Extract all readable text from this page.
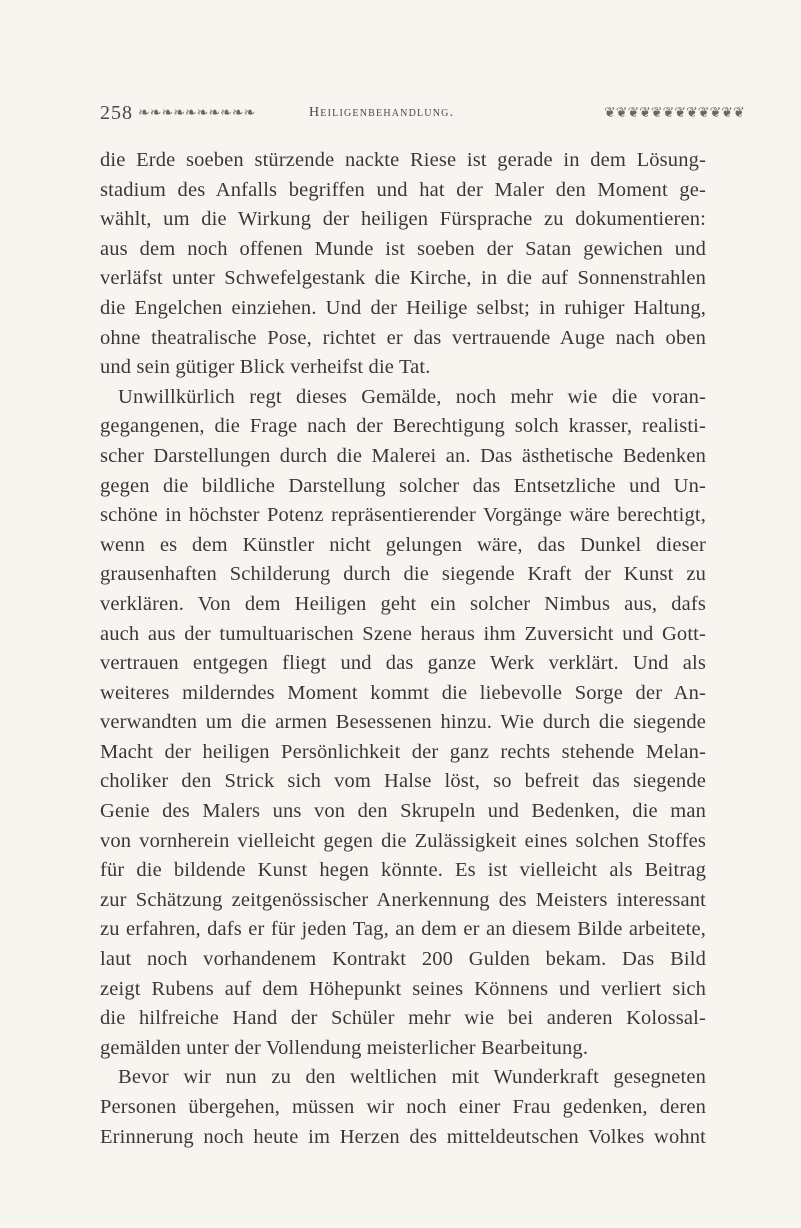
258 ❧❧❧❧❧❧❧❧❧❧	Heiligenbehandlung.	❦❦❦❦❦❦❦❦❦❦❦❦
die Erde soeben stürzende nackte Riese ist gerade in dem Lösung-
stadium des Anfalls begriffen und hat der Maler den Moment ge-
wählt, um die Wirkung der heiligen Fürsprache zu dokumentieren:
aus dem noch offenen Munde ist soeben der Satan gewichen und
verläfst unter Schwefelgestank die Kirche, in die auf Sonnenstrahlen
die Engelchen einziehen. Und der Heilige selbst; in ruhiger Haltung,
ohne theatralische Pose, richtet er das vertrauende Auge nach oben
und sein gütiger Blick verheifst die Tat.
Unwillkürlich regt dieses Gemälde, noch mehr wie die voran-
gegangenen, die Frage nach der Berechtigung solch krasser, realisti-
scher Darstellungen durch die Malerei an. Das ästhetische Bedenken
gegen die bildliche Darstellung solcher das Entsetzliche und Un-
schöne in höchster Potenz repräsentierender Vorgänge wäre berechtigt,
wenn es dem Künstler nicht gelungen wäre, das Dunkel dieser
grausenhaften Schilderung durch die siegende Kraft der Kunst zu
verklären. Von dem Heiligen geht ein solcher Nimbus aus, dafs
auch aus der tumultuarischen Szene heraus ihm Zuversicht und Gott-
vertrauen entgegen fliegt und das ganze Werk verklärt. Und als
weiteres milderndes Moment kommt die liebevolle Sorge der An-
verwandten um die armen Besessenen hinzu. Wie durch die siegende
Macht der heiligen Persönlichkeit der ganz rechts stehende Melan-
choliker den Strick sich vom Halse löst, so befreit das siegende
Genie des Malers uns von den Skrupeln und Bedenken, die man
von vornherein vielleicht gegen die Zulässigkeit eines solchen Stoffes
für die bildende Kunst hegen könnte. Es ist vielleicht als Beitrag
zur Schätzung zeitgenössischer Anerkennung des Meisters interessant
zu erfahren, dafs er für jeden Tag, an dem er an diesem Bilde arbeitete,
laut noch vorhandenem Kontrakt 200 Gulden bekam. Das Bild
zeigt Rubens auf dem Höhepunkt seines Könnens und verliert sich
die hilfreiche Hand der Schüler mehr wie bei anderen Kolossal-
gemälden unter der Vollendung meisterlicher Bearbeitung.
Bevor wir nun zu den weltlichen mit Wunderkraft gesegneten
Personen übergehen, müssen wir noch einer Frau gedenken, deren
Erinnerung noch heute im Herzen des mitteldeutschen Volkes wohnt
